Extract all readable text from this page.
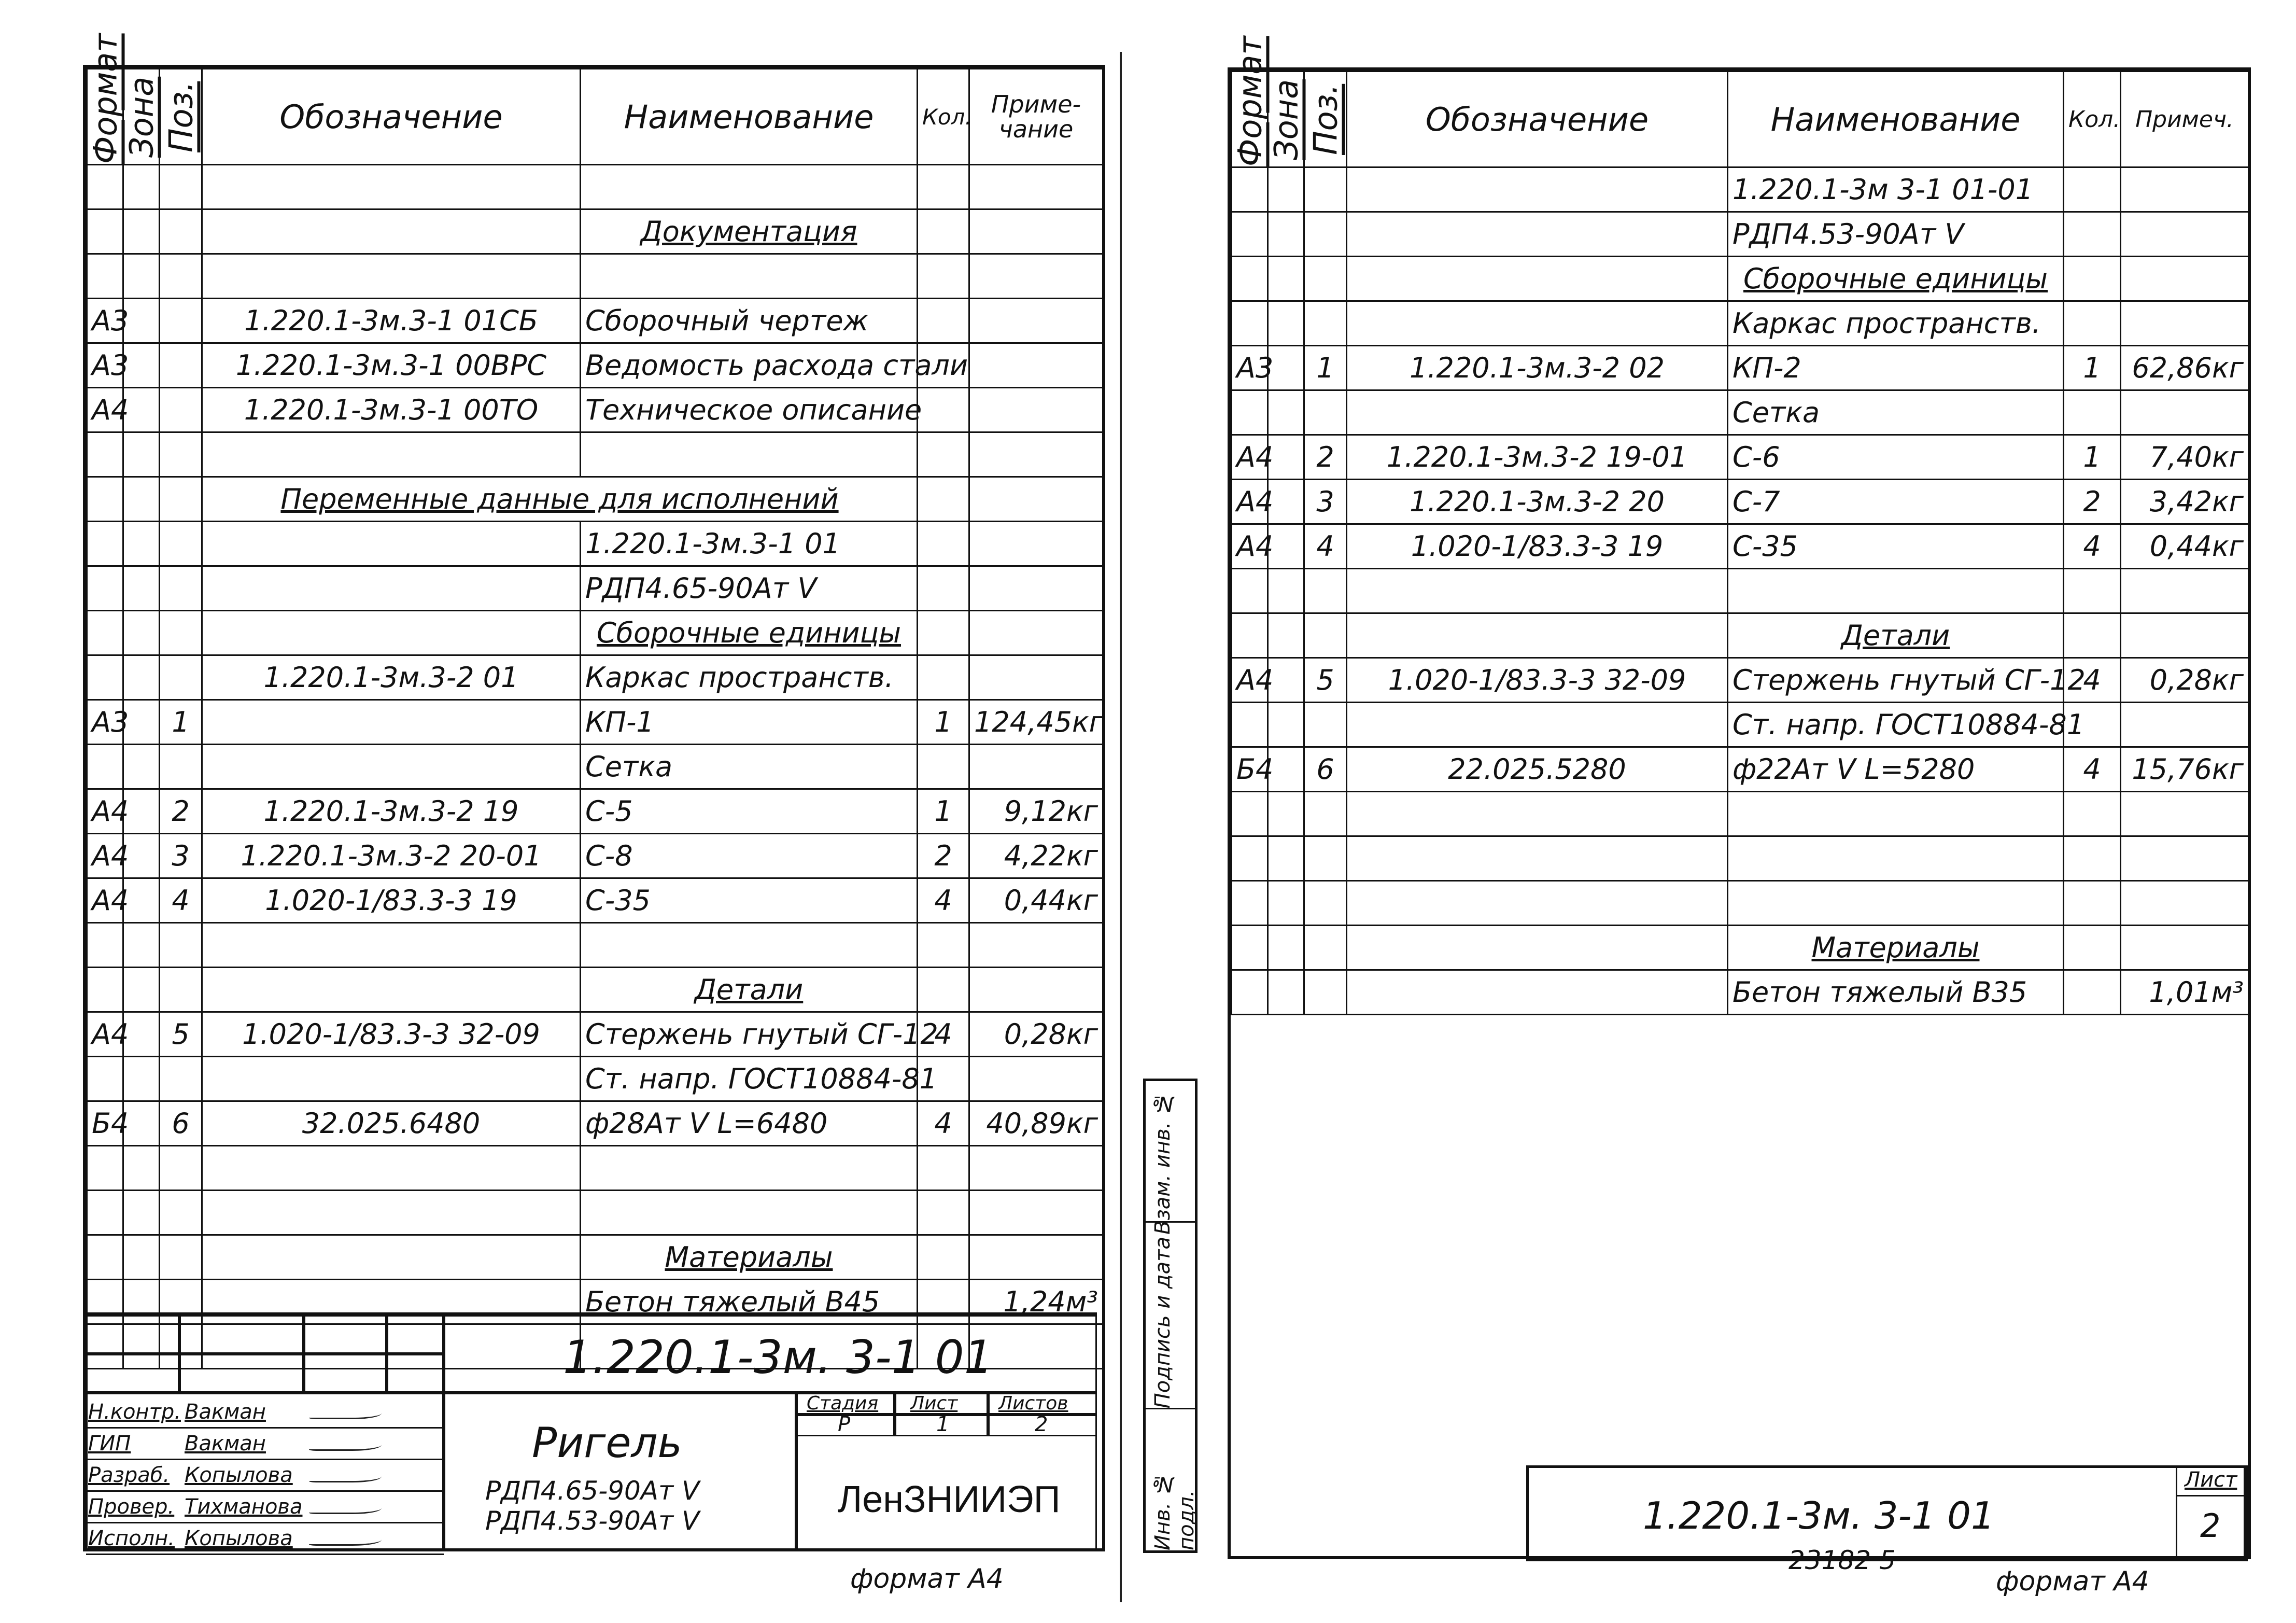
Формат	Зона	Поз.	Обозначение	Наименование	Кол.	Приме-
чание

				Документация		

А3			1.220.1-3м.3-1 01СБ	Сборочный чертеж		
А3			1.220.1-3м.3-1 00ВРС	Ведомость расхода стали		
А4			1.220.1-3м.3-1 00ТО	Техническое описание		

			Переменные данные для исполнений			
				1.220.1-3м.3-1 01		
				РДП4.65-90Ат V		
				Сборочные единицы		
			1.220.1-3м.3-2 01	Каркас пространств.		
А3		1		КП-1	1	124,45кг
				Сетка		
А4		2	1.220.1-3м.3-2 19	С-5	1	9,12кг
А4		3	1.220.1-3м.3-2 20-01	С-8	2	4,22кг
А4		4	1.020-1/83.3-3 19	С-35	4	0,44кг

				Детали		
А4		5	1.020-1/83.3-3 32-09	Стержень гнутый СГ-12	4	0,28кг
				Ст. напр. ГОСТ10884-81		
Б4		6	32.025.6480	ф28Ат V L=6480	4	40,89кг

				Материалы		
				Бетон тяжелый В45		1,24м³

1.220.1-3м. 3-1 01
Н.контр. Вакман
ГИП	Вакман
Разраб. Копылова
Провер. Тихманова
Исполн. Копылова
Ригель
РДП4.65-90Ат V
РДП4.53-90Ат V
Стадия Лист Листов
Р	1	2
ЛенЗНИИЭП
формат А4
Формат	Зона	Поз.	Обозначение	Наименование	Кол.	Примеч.
				1.220.1-3м 3-1 01-01		
				РДП4.53-90Ат V		
				Сборочные единицы		
				Каркас пространств.		
А3		1	1.220.1-3м.3-2 02	КП-2	1	62,86кг
				Сетка		
А4		2	1.220.1-3м.3-2 19-01	С-6	1	7,40кг
А4		3	1.220.1-3м.3-2 20	С-7	2	3,42кг
А4		4	1.020-1/83.3-3 19	С-35	4	0,44кг

				Детали		
А4		5	1.020-1/83.3-3 32-09	Стержень гнутый СГ-12	4	0,28кг
				Ст. напр. ГОСТ10884-81		
Б4		6	22.025.5280	ф22Ат V L=5280	4	15,76кг

				Материалы		
				Бетон тяжелый В35		1,01м³
1.220.1-3м. 3-1 01
Лист
2
Инв. № подл.
Подпись и дата
Взам. инв. №
23182 5
формат А4
